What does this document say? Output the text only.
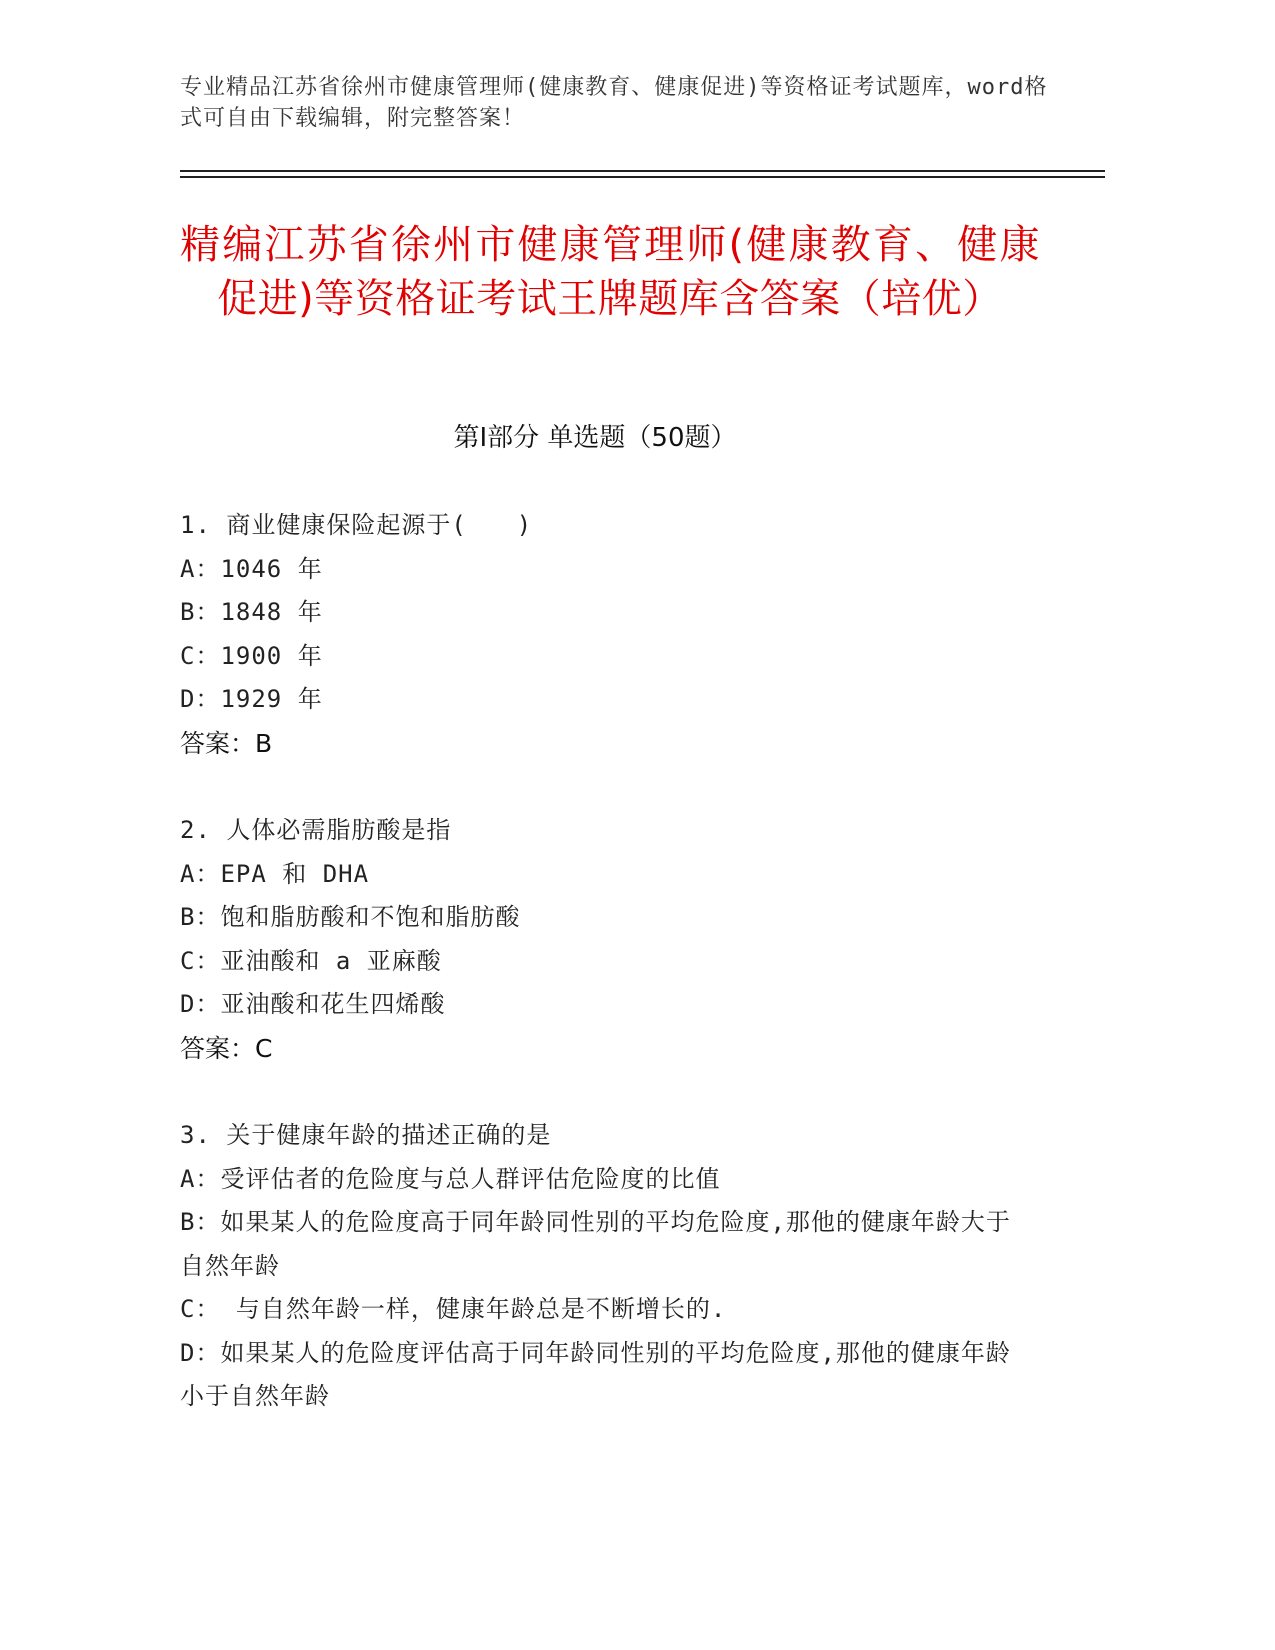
专业精品江苏省徐州市健康管理师(健康教育、健康促进)等资格证考试题库，word格式可自由下载编辑，附完整答案！
精编江苏省徐州市健康管理师(健康教育、健康促进)等资格证考试王牌题库含答案（培优）
第Ⅰ部分 单选题（50题）
1. 商业健康保险起源于(　　)
A：1046 年
B：1848 年
C：1900 年
D：1929 年
答案：B
2. 人体必需脂肪酸是指
A：EPA 和 DHA
B：饱和脂肪酸和不饱和脂肪酸
C：亚油酸和 a 亚麻酸
D：亚油酸和花生四烯酸
答案：C
3. 关于健康年龄的描述正确的是
A：受评估者的危险度与总人群评估危险度的比值
B：如果某人的危险度高于同年龄同性别的平均危险度,那他的健康年龄大于自然年龄
C： 与自然年龄一样，健康年龄总是不断增长的.
D：如果某人的危险度评估高于同年龄同性别的平均危险度,那他的健康年龄小于自然年龄
